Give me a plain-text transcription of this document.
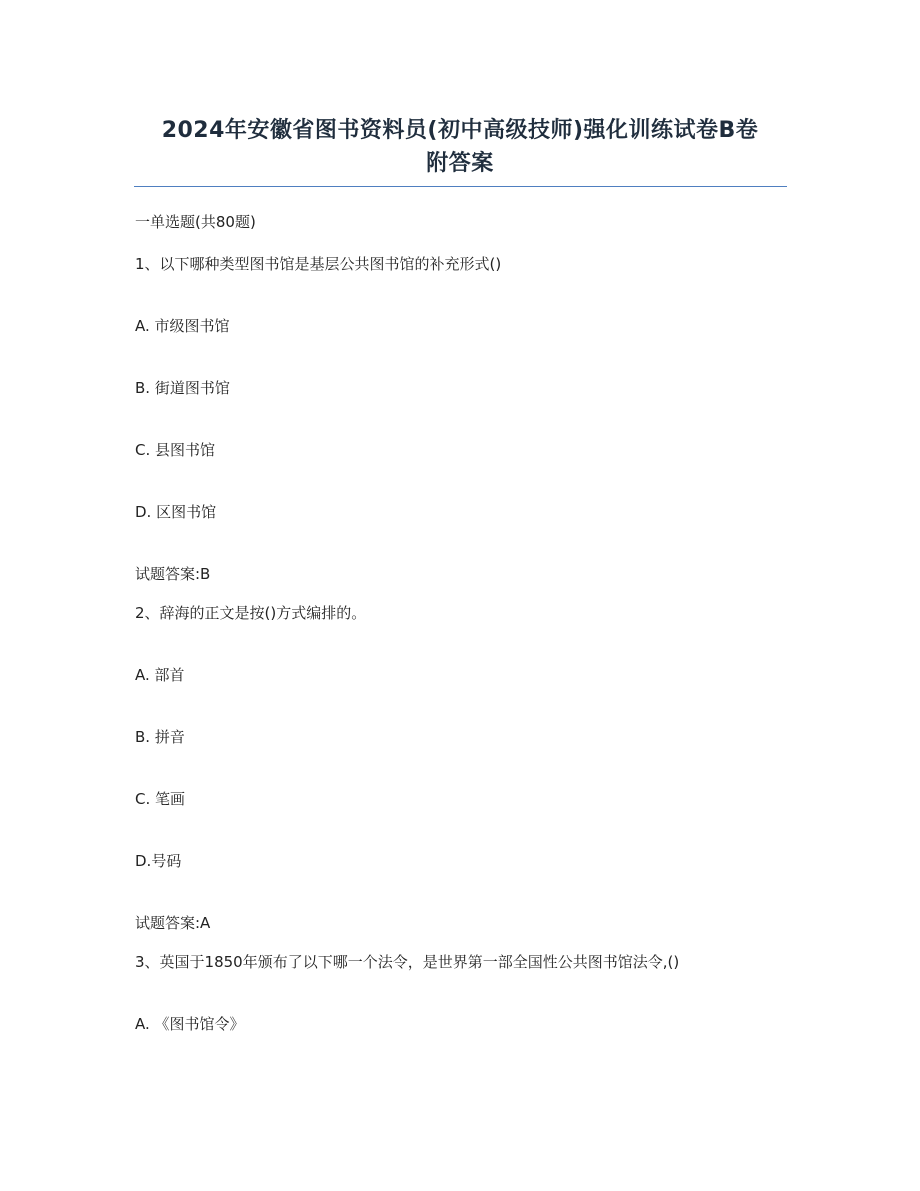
2024年安徽省图书资料员(初中高级技师)强化训练试卷B卷
附答案
一单选题(共80题)
1、以下哪种类型图书馆是基层公共图书馆的补充形式()
A. 市级图书馆
B. 街道图书馆
C. 县图书馆
D. 区图书馆
试题答案:B
2、辞海的正文是按()方式编排的。
A. 部首
B. 拼音
C. 笔画
D.号码
试题答案:A
3、英国于1850年颁布了以下哪一个法令，是世界第一部全国性公共图书馆法令,()
A. 《图书馆令》
